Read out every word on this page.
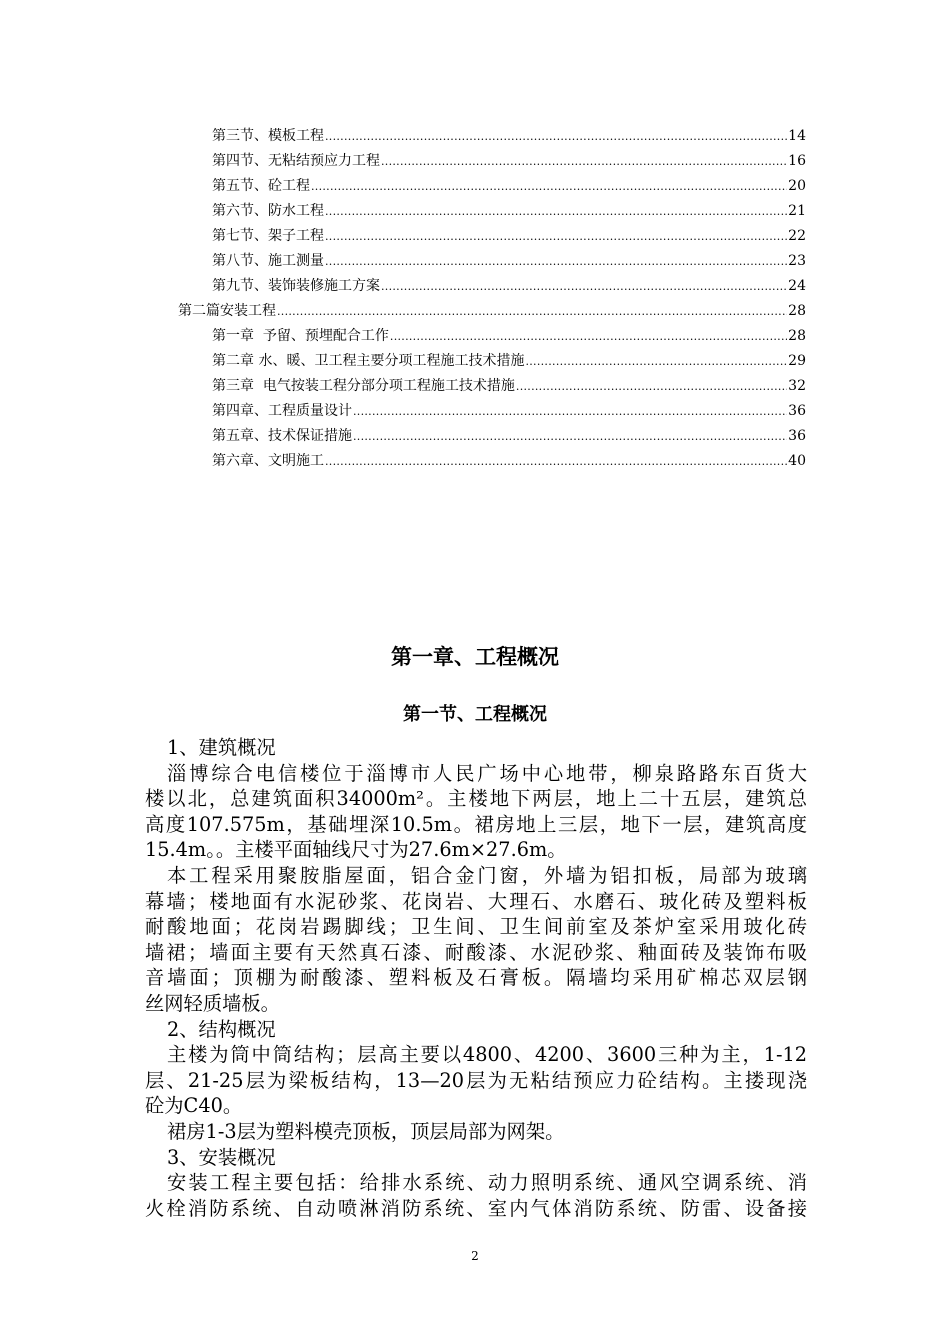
第三节、模板工程 .....	14
第四节、无粘结预应力工程 .....	16
第五节、砼工程 .....	20
第六节、防水工程 .....	21
第七节、架子工程 .....	22
第八节、施工测量 .....	23
第九节、装饰装修施工方案 .....	24
第二篇安装工程 .....	28
第一章  予留、预埋配合工作 .....	28
第二章 水、暖、卫工程主要分项工程施工技术措施 .....	29
第三章  电气按装工程分部分项工程施工技术措施 .....	32
第四章、工程质量设计 .....	36
第五章、技术保证措施 .....	36
第六章、文明施工 .....	40
第一章、工程概况
第一节、工程概况
1、建筑概况
淄博综合电信楼位于淄博市人民广场中心地带，柳泉路路东百货大
楼以北，总建筑面积34000m²。主楼地下两层，地上二十五层，建筑总
高度107.575m，基础埋深10.5m。裙房地上三层，地下一层，建筑高度
15.4m。。主楼平面轴线尺寸为27.6m×27.6m。
本工程采用聚胺脂屋面，铝合金门窗，外墙为铝扣板，局部为玻璃
幕墙；楼地面有水泥砂浆、花岗岩、大理石、水磨石、玻化砖及塑料板
耐酸地面；花岗岩踢脚线；卫生间、卫生间前室及茶炉室采用玻化砖
墙裙；墙面主要有天然真石漆、耐酸漆、水泥砂浆、釉面砖及装饰布吸
音墙面；顶棚为耐酸漆、塑料板及石膏板。隔墙均采用矿棉芯双层钢
丝网轻质墙板。
2、结构概况
主楼为筒中筒结构；层高主要以4800、4200、3600三种为主，1-12
层、21-25层为梁板结构，13—20层为无粘结预应力砼结构。主搂现浇
砼为C40。
裙房1-3层为塑料模壳顶板，顶层局部为网架。
3、安装概况
安装工程主要包括：给排水系统、动力照明系统、通风空调系统、消
火栓消防系统、自动喷淋消防系统、室内气体消防系统、防雷、设备接
2
